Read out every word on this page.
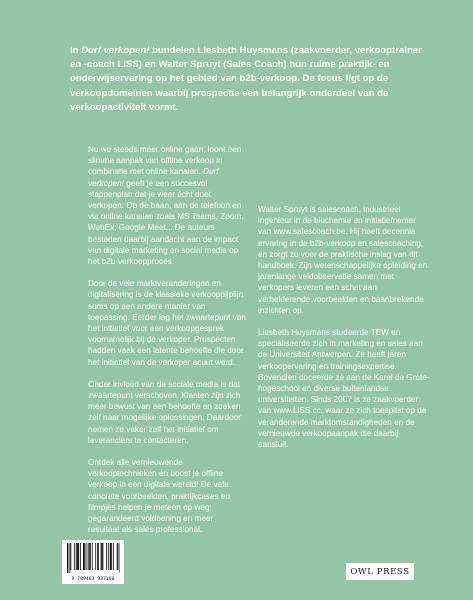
In Durf verkopen! bundelen Liesbeth Huysmans (zaakvoerder, verkooptrainer en -coach LiSS) en Walter Spruyt (Sales Coach) hun ruime praktijk- en onderwijservaring op het gebied van b2b-verkoop. De focus ligt op de verkoopdomeinen waarbij prospectie een belangrijk onderdeel van de verkoopactiviteit vormt.

Nu we steeds meer online gaan, loont een slimme aanpak van offline verkoop in combinatie met online kanalen. Durf verkopen! geeft je een succesvol stappenplan dat je weer écht doet verkopen. Op de baan, aan de telefoon en via online kanalen zoals MS Teams, Zoom, WebEx, Google Meet... De auteurs besteden daarbij aandacht aan de impact van digitale marketing en social media op het b2b-verkoopproces.

Door de vele marktveranderingen en digitalisering is de klassieke verkooppijplijn soms op een andere manier van toepassing. Eerder lag het zwaartepunt van het initiatief voor een verkoopgesprek voornamelijk bij de verkoper. Prospecten hadden vaak een latente behoefte die door het initiatief van de verkoper acuut werd.

Onder invloed van de sociale media is dat zwaartepunt verschoven. Klanten zijn zich meer bewust van een behoefte en zoeken zelf naar mogelijke oplossingen. Daardoor nemen ze vaker zelf het initiatief om leveranciers te contacteren.

Ontdek alle vernieuwende verkooptechnieken en boost je offline verkoop in een digitale wereld! De vele concrete voorbeelden, praktijkcases en filmpjes helpen je meteen op weg: gegarandeerd voldoening en meer resultaat als sales professional.

Walter Spruyt is salescoach, industrieel ingenieur in de biochemie en initiatiefnemer van www.salescoach.be. Hij heeft decennia ervaring in de b2b-verkoop en salescoaching, en zorgt zo voor de praktische inslag van dit handboek. Zijn wetenschappelijke opleiding en jarenlange veldobservatie samen met verkopers leveren een schat aan verhelderende voorbeelden en baanbrekende inzichten op.

Liesbeth Huysmans studeerde TEW en specialiseerde zich in marketing en sales aan de Universiteit Antwerpen. Ze heeft jaren verkoopervaring en trainingsexpertise. Bovendien doceerde ze aan de Karel de Grote-hogeschool en diverse buitenlandse universiteiten. Sinds 2007 is ze zaakvoerder van www.LiSS.cc, waar ze zich toespitst op de veranderende marktomstandigheden en de vernieuwde verkoopaanpak die daarbij aansluit.

9 789463 937160
OWL PRESS
